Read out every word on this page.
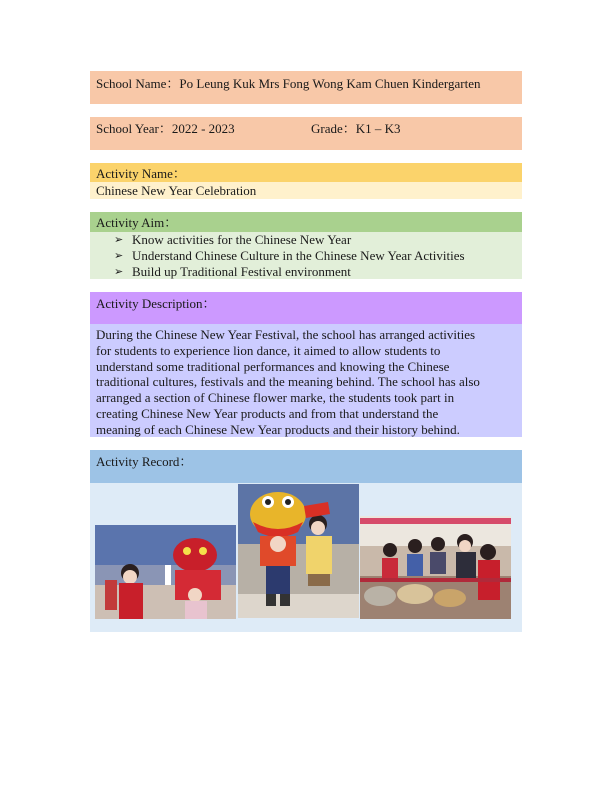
School Name：Po Leung Kuk Mrs Fong Wong Kam Chuen Kindergarten
School Year：2022 - 2023	Grade：K1 – K3
Activity Name：
Chinese New Year Celebration
Activity Aim：
➢ Know activities for the Chinese New Year
➢ Understand Chinese Culture in the Chinese New Year Activities
➢ Build up Traditional Festival environment
Activity Description：
During the Chinese New Year Festival, the school has arranged activities
for students to experience lion dance, it aimed to allow students to
understand some traditional performances and knowing the Chinese
traditional cultures, festivals and the meaning behind. The school has also
arranged a section of Chinese flower marke, the students took part in
creating Chinese New Year products and from that understand the
meaning of each Chinese New Year products and their history behind.
Activity Record：
